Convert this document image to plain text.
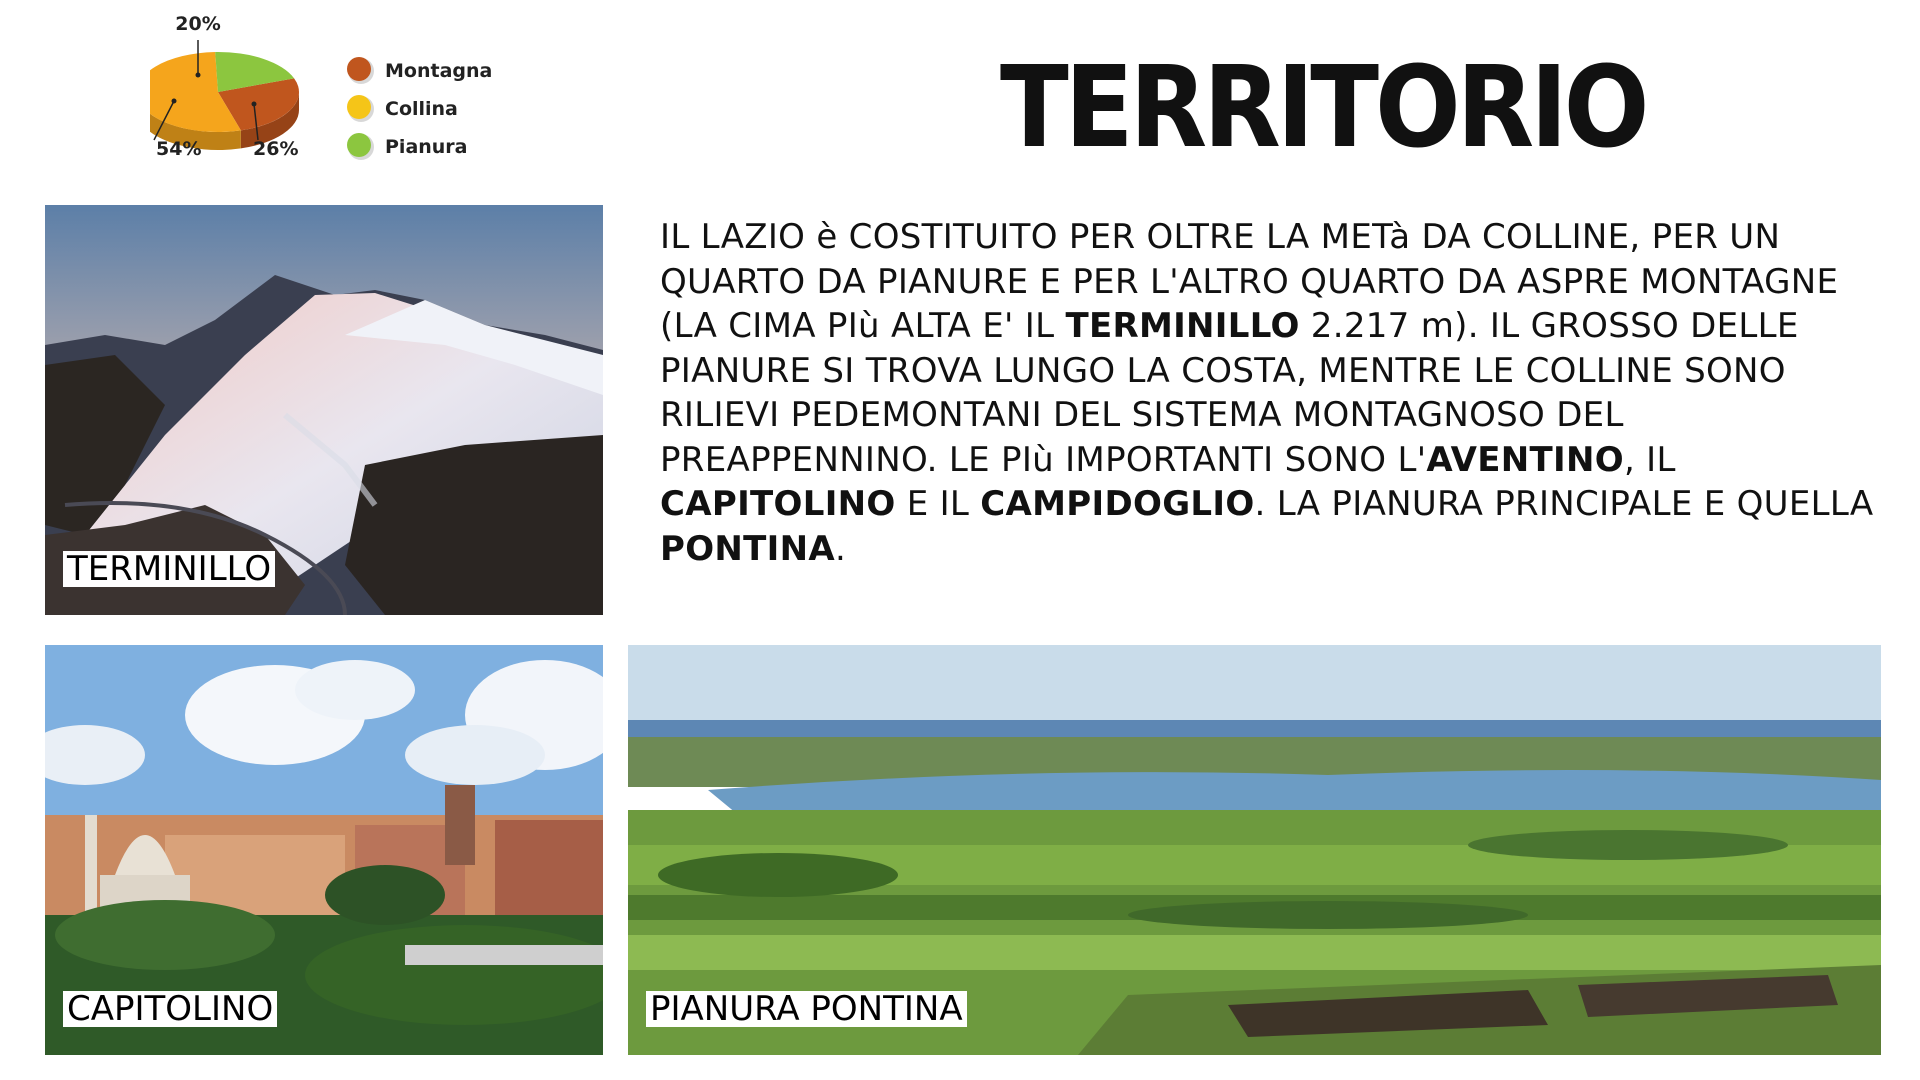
26%
54%
20%
Montagna
Collina
Pianura	TERRITORIO

IL LAZIO è COSTITUITO PER OLTRE LA METà DA COLLINE, PER UN QUARTO DA PIANURE E PER L'ALTRO QUARTO DA ASPRE MONTAGNE (LA CIMA PIù ALTA E' IL TERMINILLO 2.217 m). IL GROSSO DELLE PIANURE SI TROVA LUNGO LA COSTA, MENTRE LE COLLINE SONO RILIEVI PEDEMONTANI DEL SISTEMA MONTAGNOSO DEL PREAPPENNINO. LE PIù IMPORTANTI SONO L'AVENTINO, IL CAPITOLINO E IL CAMPIDOGLIO. LA PIANURA PRINCIPALE E QUELLA PONTINA.

TERMINILLO
CAPITOLINO	PIANURA PONTINA
